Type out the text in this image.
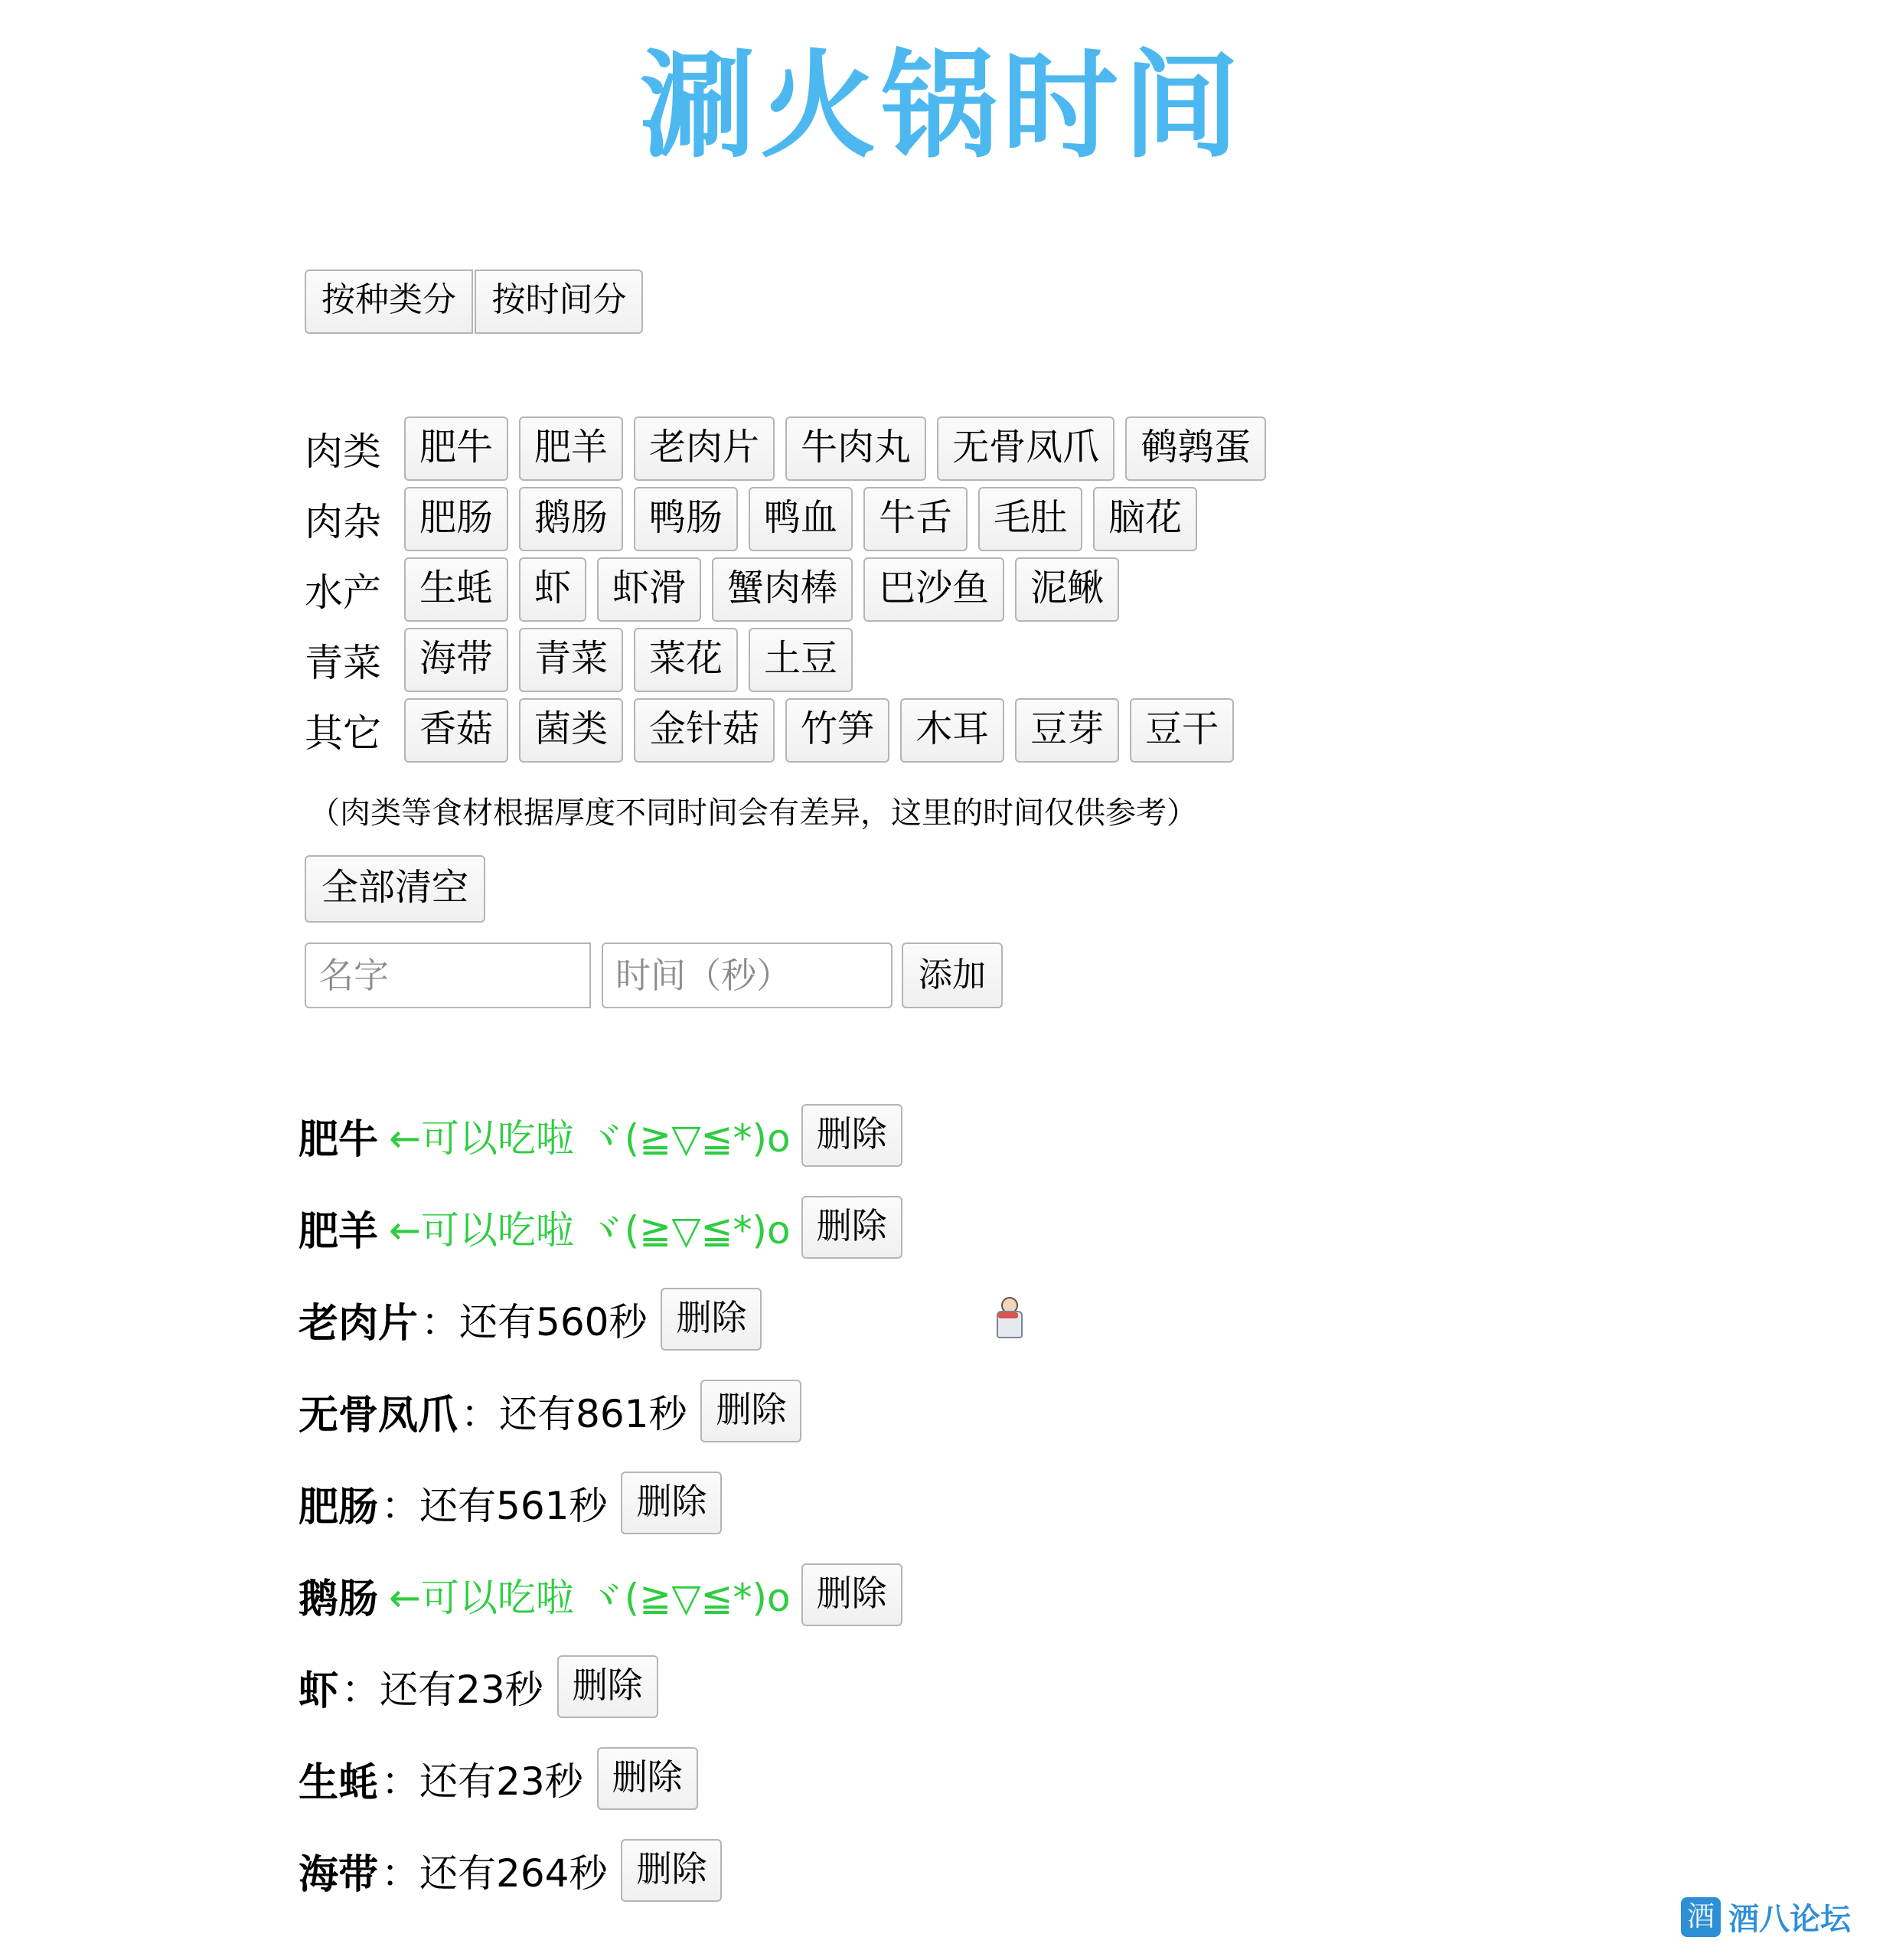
涮火锅时间
按种类分 按时间分
肉类	肥牛	肥羊	老肉片	牛肉丸	无骨凤爪	鹌鹑蛋
肉杂	肥肠	鹅肠	鸭肠	鸭血	牛舌	毛肚	脑花
水产	生蚝	虾	虾滑	蟹肉棒	巴沙鱼	泥鳅
青菜	海带	青菜	菜花	土豆
其它	香菇	菌类	金针菇	竹笋	木耳	豆芽	豆干
（肉类等食材根据厚度不同时间会有差异，这里的时间仅供参考）
全部清空
名字
时间（秒）
添加
肥牛 ←可以吃啦 ヾ(≧▽≦*)o 删除
肥羊 ←可以吃啦 ヾ(≧▽≦*)o 删除
老肉片 ：还有560秒 删除
无骨凤爪 ：还有861秒 删除
肥肠 ：还有561秒 删除
鹅肠 ←可以吃啦 ヾ(≧▽≦*)o 删除
虾 ：还有23秒 删除
生蚝 ：还有23秒 删除
海带 ：还有264秒 删除
酒 酒八论坛
